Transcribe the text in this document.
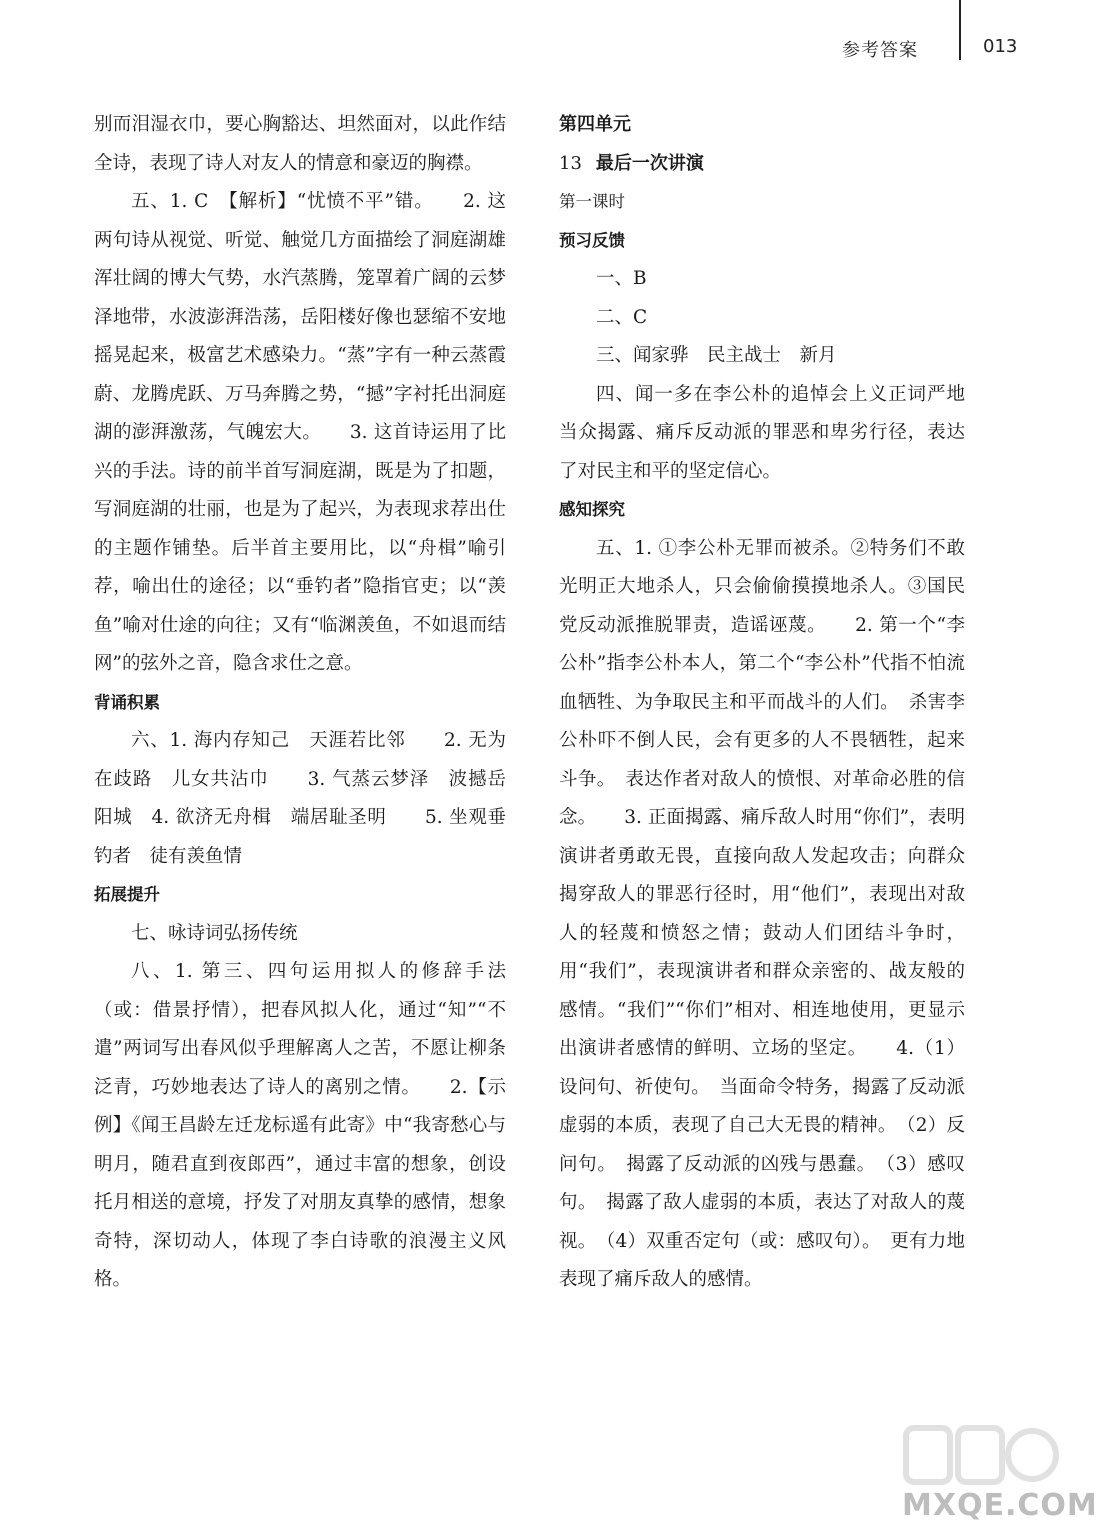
参考答案	013

别而泪湿衣巾，要心胸豁达、坦然面对，以此作结全诗，表现了诗人对友人的情意和豪迈的胸襟。

五、1. C　【解析】“忧愤不平”错。　　2. 这两句诗从视觉、听觉、触觉几方面描绘了洞庭湖雄浑壮阔的博大气势，水汽蒸腾，笼罩着广阔的云梦泽地带，水波澎湃浩荡，岳阳楼好像也瑟缩不安地摇晃起来，极富艺术感染力。“蒸”字有一种云蒸霞蔚、龙腾虎跃、万马奔腾之势，“撼”字衬托出洞庭湖的澎湃激荡，气魄宏大。　　3. 这首诗运用了比兴的手法。诗的前半首写洞庭湖，既是为了扣题，写洞庭湖的壮丽，也是为了起兴，为表现求荐出仕的主题作铺垫。后半首主要用比，以“舟楫”喻引荐，喻出仕的途径；以“垂钓者”隐指官吏；以“羡鱼”喻对仕途的向往；又有“临渊羡鱼，不如退而结网”的弦外之音，隐含求仕之意。

背诵积累

六、1. 海内存知己　天涯若比邻　　2. 无为在歧路　儿女共沾巾　　3. 气蒸云梦泽　波撼岳阳城　4. 欲济无舟楫　端居耻圣明　　5. 坐观垂钓者　徒有羡鱼情

拓展提升

七、咏诗词弘扬传统

八、1. 第三、四句运用拟人的修辞手法（或：借景抒情），把春风拟人化，通过“知”“不遣”两词写出春风似乎理解离人之苦，不愿让柳条泛青，巧妙地表达了诗人的离别之情。　　2.【示例】《闻王昌龄左迁龙标遥有此寄》中“我寄愁心与明月，随君直到夜郎西”，通过丰富的想象，创设托月相送的意境，抒发了对朋友真挚的感情，想象奇特，深切动人，体现了李白诗歌的浪漫主义风格。

第四单元

13 最后一次讲演

第一课时

预习反馈

一、B

二、C

三、闻家骅　民主战士　新月

四、闻一多在李公朴的追悼会上义正词严地当众揭露、痛斥反动派的罪恶和卑劣行径，表达了对民主和平的坚定信心。

感知探究

五、1. ①李公朴无罪而被杀。②特务们不敢光明正大地杀人，只会偷偷摸摸地杀人。③国民党反动派推脱罪责，造谣诬蔑。　　2. 第一个“李公朴”指李公朴本人，第二个“李公朴”代指不怕流血牺牲、为争取民主和平而战斗的人们。　杀害李公朴吓不倒人民，会有更多的人不畏牺牲，起来斗争。　表达作者对敌人的愤恨、对革命必胜的信念。　　3. 正面揭露、痛斥敌人时用“你们”，表明演讲者勇敢无畏，直接向敌人发起攻击；向群众揭穿敌人的罪恶行径时，用“他们”，表现出对敌人的轻蔑和愤怒之情；鼓动人们团结斗争时，用“我们”，表现演讲者和群众亲密的、战友般的感情。“我们”“你们”相对、相连地使用，更显示出演讲者感情的鲜明、立场的坚定。　　4.（1）设问句、祈使句。　当面命令特务，揭露了反动派虚弱的本质，表现了自己大无畏的精神。　（2）反问句。　揭露了反动派的凶残与愚蠢。　（3）感叹句。　揭露了敌人虚弱的本质，表达了对敌人的蔑视。　（4）双重否定句（或：感叹句）。　更有力地表现了痛斥敌人的感情。

MXQE.COM
